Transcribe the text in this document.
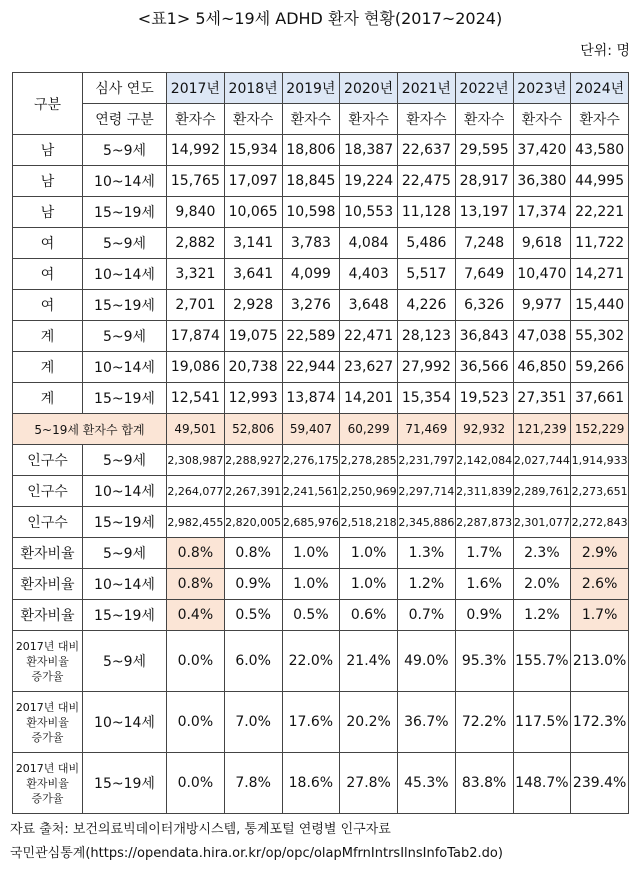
<표1> 5세~19세 ADHD 환자 현황(2017~2024)
단위: 명
구분	심사 연도	2017년	2018년	2019년	2020년	2021년	2022년	2023년	2024년
	연령 구분	환자수	환자수	환자수	환자수	환자수	환자수	환자수	환자수
남	5~9세	14,992	15,934	18,806	18,387	22,637	29,595	37,420	43,580
남	10~14세	15,765	17,097	18,845	19,224	22,475	28,917	36,380	44,995
남	15~19세	9,840	10,065	10,598	10,553	11,128	13,197	17,374	22,221
여	5~9세	2,882	3,141	3,783	4,084	5,486	7,248	9,618	11,722
여	10~14세	3,321	3,641	4,099	4,403	5,517	7,649	10,470	14,271
여	15~19세	2,701	2,928	3,276	3,648	4,226	6,326	9,977	15,440
계	5~9세	17,874	19,075	22,589	22,471	28,123	36,843	47,038	55,302
계	10~14세	19,086	20,738	22,944	23,627	27,992	36,566	46,850	59,266
계	15~19세	12,541	12,993	13,874	14,201	15,354	19,523	27,351	37,661
5~19세 환자수 합계		49,501	52,806	59,407	60,299	71,469	92,932	121,239	152,229
인구수	5~9세	2,308,987	2,288,927	2,276,175	2,278,285	2,231,797	2,142,084	2,027,744	1,914,933
인구수	10~14세	2,264,077	2,267,391	2,241,561	2,250,969	2,297,714	2,311,839	2,289,761	2,273,651
인구수	15~19세	2,982,455	2,820,005	2,685,976	2,518,218	2,345,886	2,287,873	2,301,077	2,272,843
환자비율	5~9세	0.8%	0.8%	1.0%	1.0%	1.3%	1.7%	2.3%	2.9%
환자비율	10~14세	0.8%	0.9%	1.0%	1.0%	1.2%	1.6%	2.0%	2.6%
환자비율	15~19세	0.4%	0.5%	0.5%	0.6%	0.7%	0.9%	1.2%	1.7%

2017년 대비
환자비율
증가율	5~9세	0.0%	6.0%	22.0%	21.4%	49.0%	95.3%	155.7%	213.0%

2017년 대비
환자비율
증가율	10~14세	0.0%	7.0%	17.6%	20.2%	36.7%	72.2%	117.5%	172.3%

2017년 대비
환자비율
증가율	15~19세	0.0%	7.8%	18.6%	27.8%	45.3%	83.8%	148.7%	239.4%
자료 출처: 보건의료빅데이터개방시스템, 통계포털 연령별 인구자료
국민관심통계(https://opendata.hira.or.kr/op/opc/olapMfrnIntrsIlnsInfoTab2.do)
